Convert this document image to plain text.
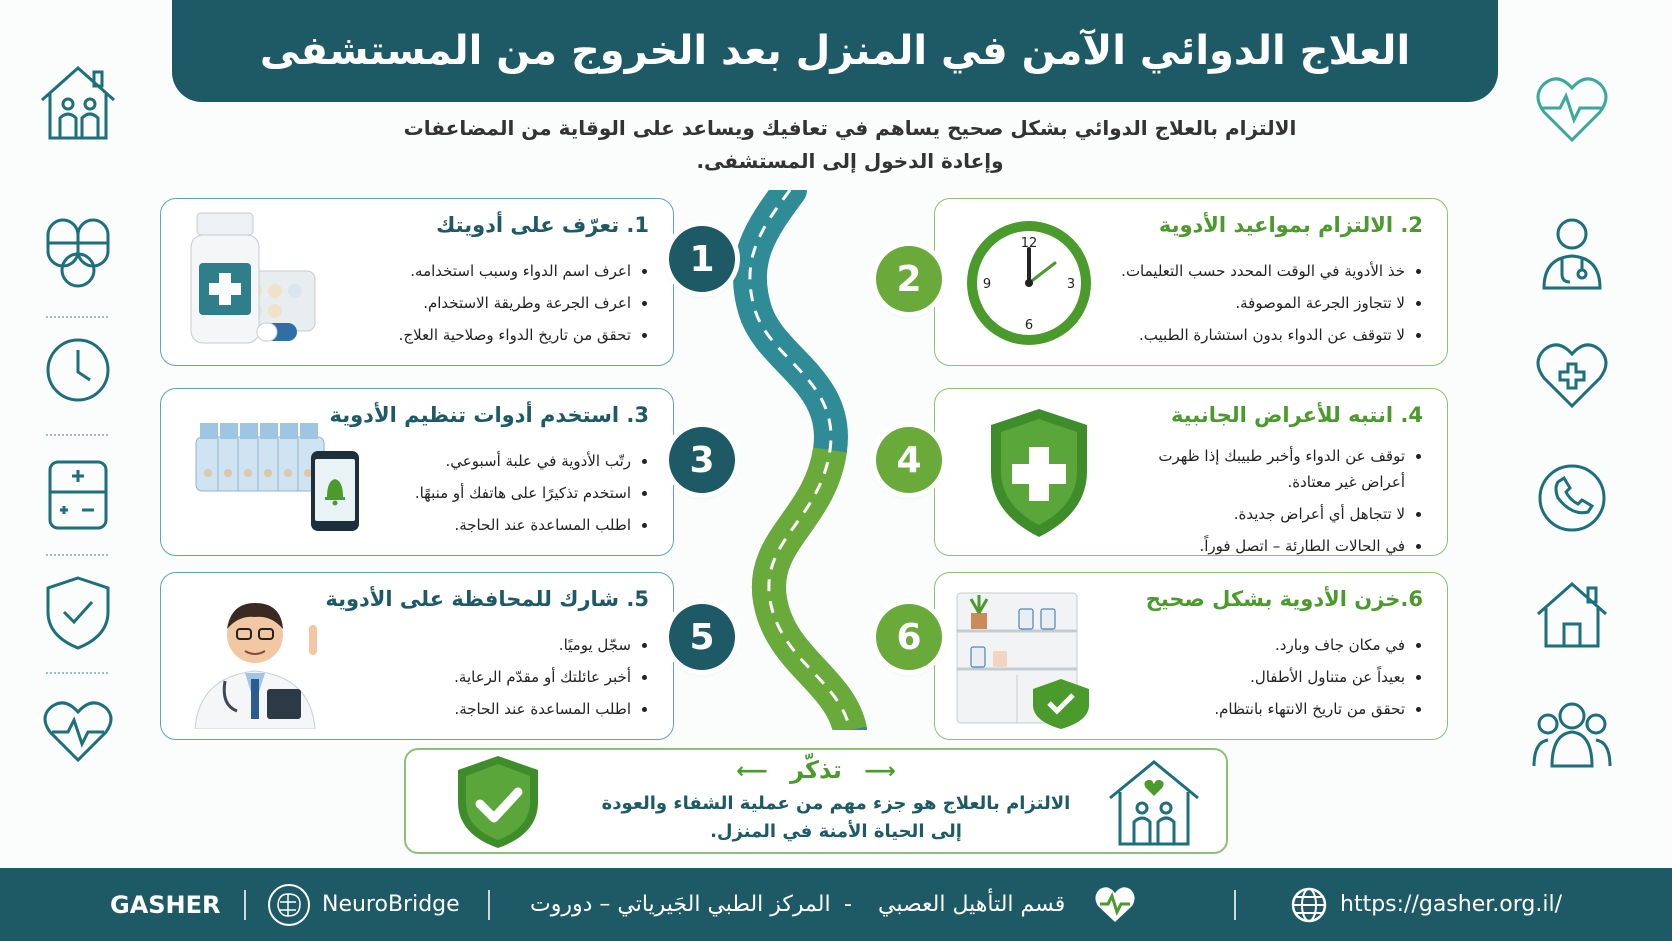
العلاج الدوائي الآمن في المنزل بعد الخروج من المستشفى
الالتزام بالعلاج الدوائي بشكل صحيح يساهم في تعافيك ويساعد على الوقاية من المضاعفات
وإعادة الدخول إلى المستشفى.
1. تعرّف على أدويتك
• اعرف اسم الدواء وسبب استخدامه.
• اعرف الجرعة وطريقة الاستخدام.
• تحقق من تاريخ الدواء وصلاحية العلاج.
1
2. الالتزام بمواعيد الأدوية
• خذ الأدوية في الوقت المحدد حسب التعليمات.
• لا تتجاوز الجرعة الموصوفة.
• لا تتوقف عن الدواء بدون استشارة الطبيب.
12
3
6
9
2
3. استخدم أدوات تنظيم الأدوية
• رتّب الأدوية في علبة أسبوعي.
• استخدم تذكيرًا على هاتفك أو منبهًا.
• اطلب المساعدة عند الحاجة.
3
4. انتبه للأعراض الجانبية
• توقف عن الدواء وأخبر طبيبك إذا ظهرت أعراض غير معتادة.
• لا تتجاهل أي أعراض جديدة.
• في الحالات الطارئة – اتصل فوراً.
4
5. شارك للمحافظة على الأدوية
• سجّل يوميًا.
• أخبر عائلتك أو مقدّم الرعاية.
• اطلب المساعدة عند الحاجة.
5
6.خزن الأدوية بشكل صحيح
• في مكان جاف وبارد.
• بعيداً عن متناول الأطفال.
• تحقق من تاريخ الانتهاء بانتظام.
6
⟶ تذكّر ⟵
الالتزام بالعلاج هو جزء مهم من عملية الشفاء والعودة
إلى الحياة الأمنة في المنزل.
GASHER	NeuroBridge	المركز الطبي الجَيرياتي – دوروت - قسم التأهيل العصبي	https://gasher.org.il/
